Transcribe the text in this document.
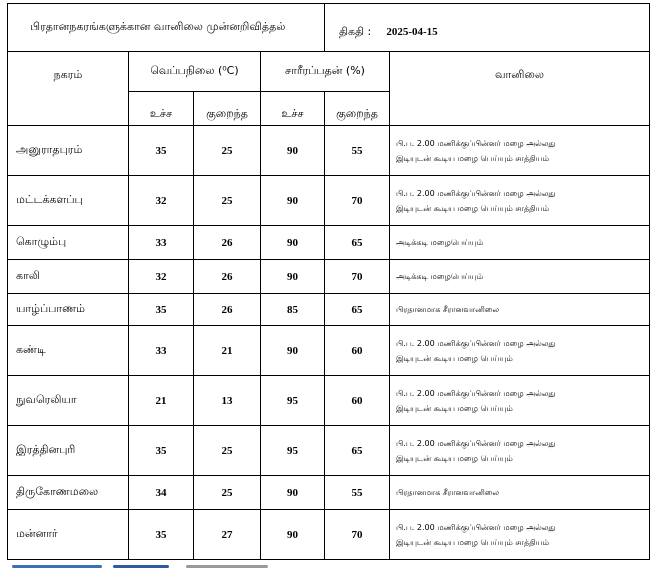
பிரதானநகரங்களுக்கான வானிலை முன்னறிவித்தல்				திகதி : 2025-04-15	
நகரம்	வெப்பநிலை (⁰C)		சாரீரப்பதன் (%)		வானிலை
	உச்ச	குறைந்த	உச்ச	குறைந்த	
அனுராதபுரம்	35	25	90	55	பி.ப. 2.00 மணிக்குப்பின்னர் மழை அல்லது
இடியுடன் கூடிய மழை பெய்யும் சாத்தியம்

மட்டக்களப்பு	32	25	90	70	பி.ப. 2.00 மணிக்குப்பின்னர் மழை அல்லது
இடியுடன் கூடிய மழை பெய்யும் சாத்தியம்

கொழும்பு	33	26	90	65	அடிக்கடி மழைபெய்யும்

காலி	32	26	90	70	அடிக்கடி மழைபெய்யும்

யாழ்ப்பாணம்	35	26	85	65	பிரதானமாக சீரானவானிலை

கண்டி	33	21	90	60	பி.ப. 2.00 மணிக்குப்பின்னர் மழை அல்லது
இடியுடன் கூடிய மழை பெய்யும்

நுவரெலியா	21	13	95	60	பி.ப. 2.00 மணிக்குப்பின்னர் மழை அல்லது
இடியுடன் கூடிய மழை பெய்யும்

இரத்தினபுரி	35	25	95	65	பி.ப. 2.00 மணிக்குப்பின்னர் மழை அல்லது
இடியுடன் கூடிய மழை பெய்யும்

திருகோணமலை	34	25	90	55	பிரதானமாக சீரானவானிலை

மன்னார்	35	27	90	70	பி.ப. 2.00 மணிக்குப்பின்னர் மழை அல்லது
இடியுடன் கூடிய மழை பெய்யும் சாத்தியம்
